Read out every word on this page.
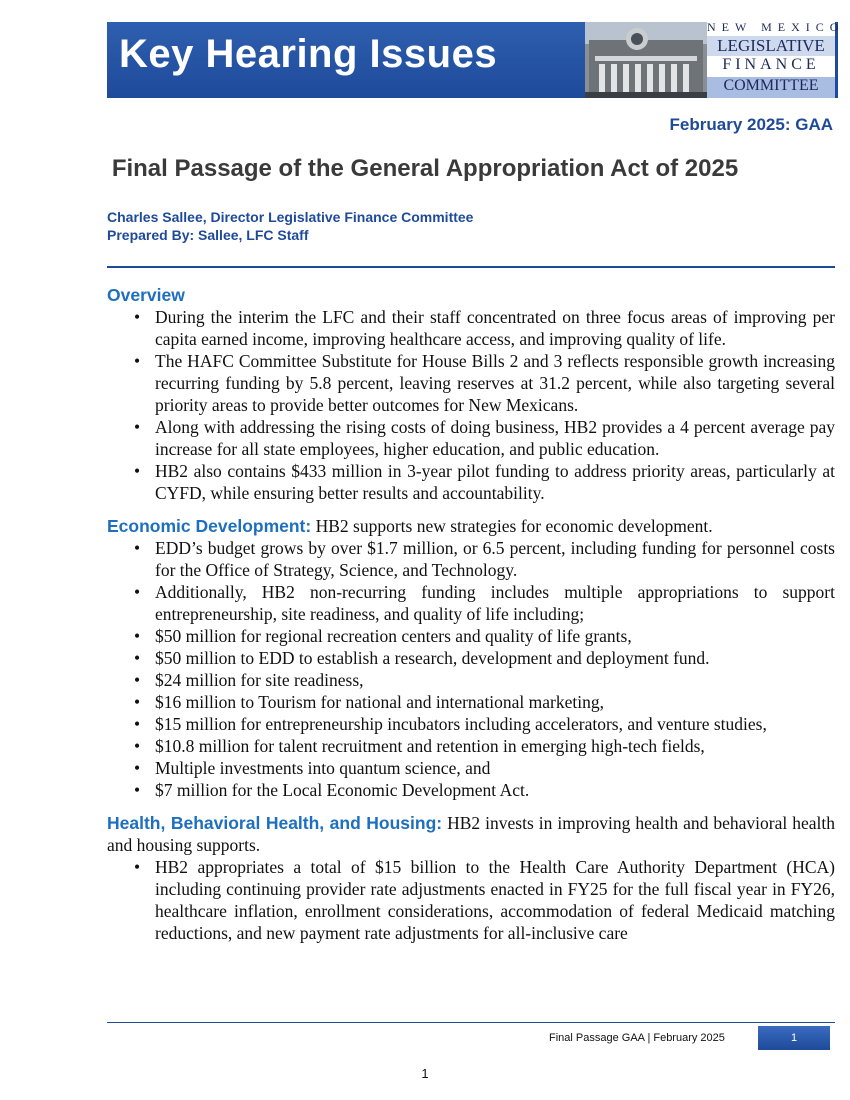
Key Hearing Issues
NEW MEXICO
LEGISLATIVE
FINANCE
COMMITTEE
February 2025: GAA
Final Passage of the General Appropriation Act of 2025
Charles Sallee, Director Legislative Finance Committee
Prepared By: Sallee, LFC Staff
Overview
• During the interim the LFC and their staff concentrated on three focus areas of improving per capita earned income, improving healthcare access, and improving quality of life.
• The HAFC Committee Substitute for House Bills 2 and 3 reflects responsible growth increasing recurring funding by 5.8 percent, leaving reserves at 31.2 percent, while also targeting several priority areas to provide better outcomes for New Mexicans.
• Along with addressing the rising costs of doing business, HB2 provides a 4 percent average pay increase for all state employees, higher education, and public education.
• HB2 also contains $433 million in 3-year pilot funding to address priority areas, particularly at CYFD, while ensuring better results and accountability.
Economic Development: HB2 supports new strategies for economic development.
• EDD’s budget grows by over $1.7 million, or 6.5 percent, including funding for personnel costs for the Office of Strategy, Science, and Technology.
• Additionally, HB2 non-recurring funding includes multiple appropriations to support entrepreneurship, site readiness, and quality of life including;
• $50 million for regional recreation centers and quality of life grants,
• $50 million to EDD to establish a research, development and deployment fund.
• $24 million for site readiness,
• $16 million to Tourism for national and international marketing,
• $15 million for entrepreneurship incubators including accelerators, and venture studies,
• $10.8 million for talent recruitment and retention in emerging high-tech fields,
• Multiple investments into quantum science, and
• $7 million for the Local Economic Development Act.
Health, Behavioral Health, and Housing: HB2 invests in improving health and behavioral health and housing supports.
• HB2 appropriates a total of $15 billion to the Health Care Authority Department (HCA) including continuing provider rate adjustments enacted in FY25 for the full fiscal year in FY26, healthcare inflation, enrollment considerations, accommodation of federal Medicaid matching reductions, and new payment rate adjustments for all-inclusive care
Final Passage GAA | February 2025	1
1
